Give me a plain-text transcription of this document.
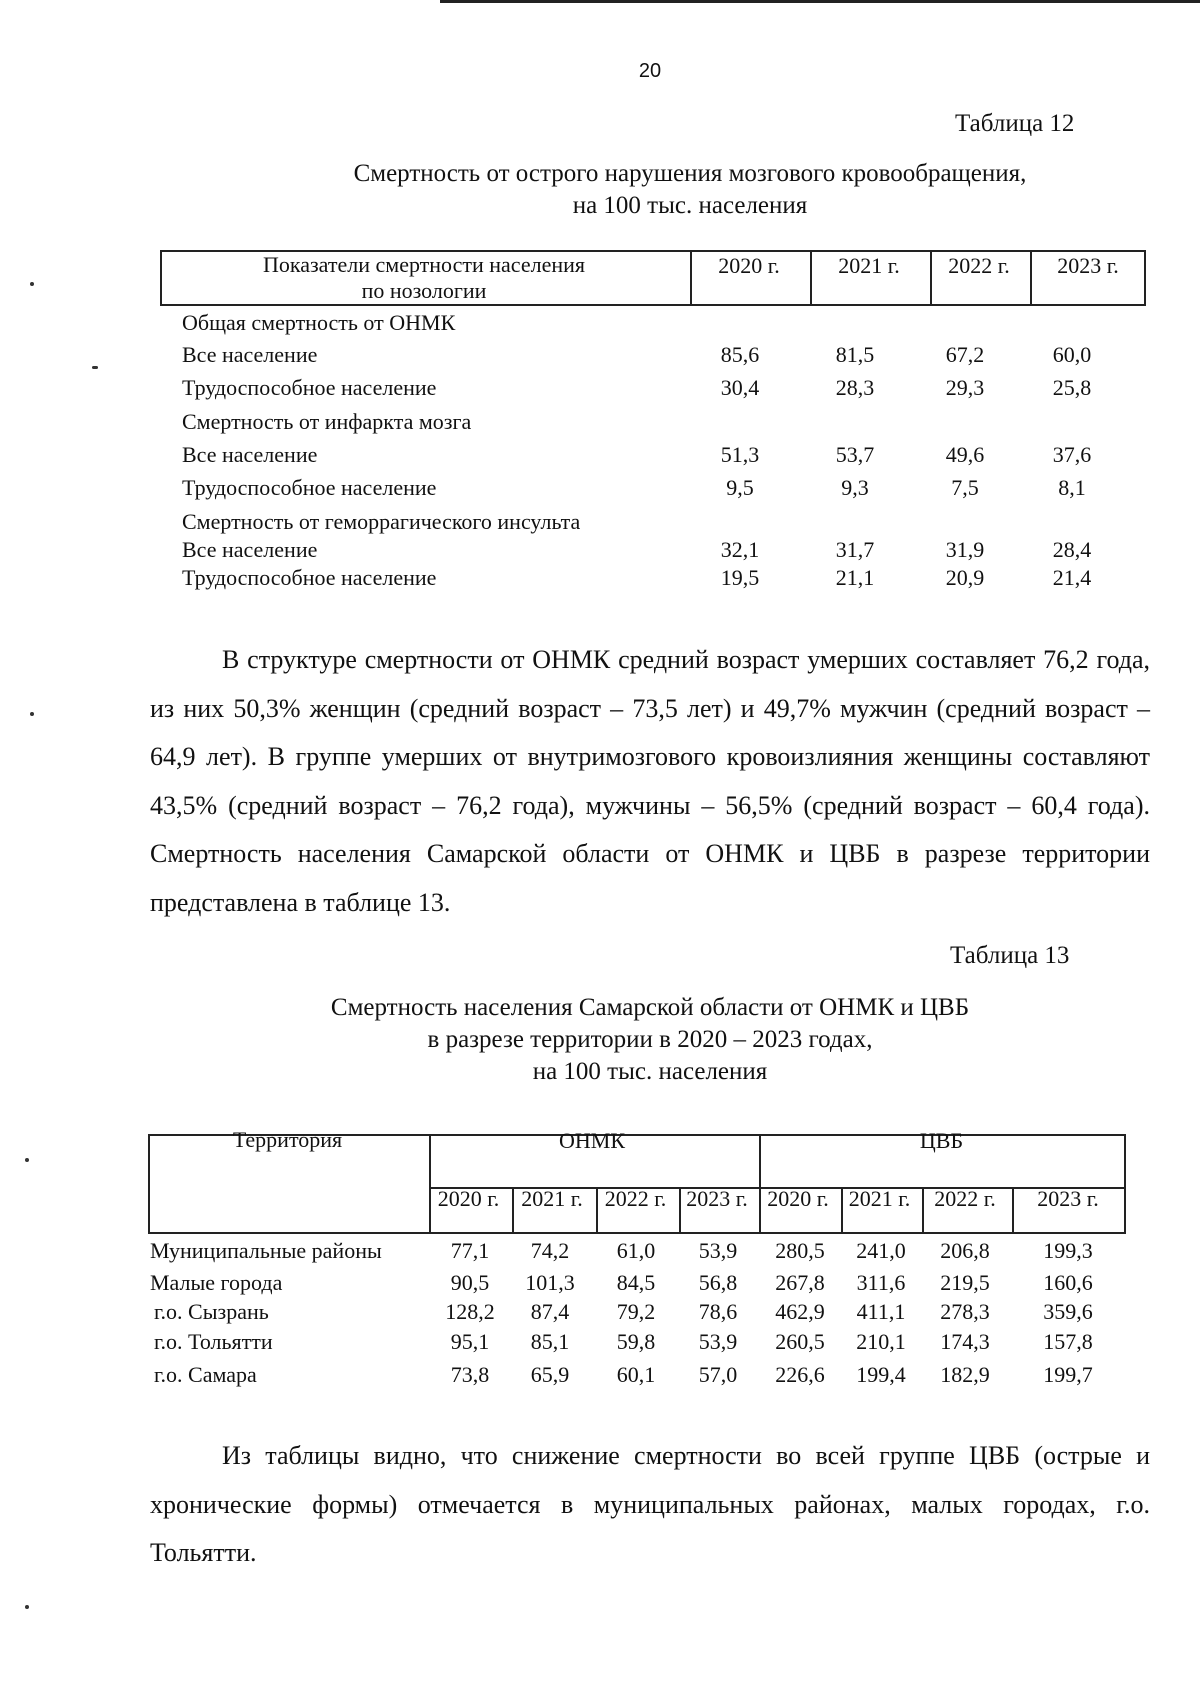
20
Таблица 12
Смертность от острого нарушения мозгового кровообращения,
на 100 тыс. населения
Показатели смертности населения
по нозологии
2020 г.	2021 г.	2022 г.	2023 г.
Общая смертность от ОНМК
Все население	85,6	81,5	67,2	60,0
Трудоспособное население	30,4	28,3	29,3	25,8
Смертность от инфаркта мозга
Все население	51,3	53,7	49,6	37,6
Трудоспособное население	9,5	9,3	7,5	8,1
Смертность от геморрагического инсульта
Все население	32,1	31,7	31,9	28,4
Трудоспособное население	19,5	21,1	20,9	21,4
В структуре смертности от ОНМК средний возраст умерших составляет 76,2 года, из них 50,3% женщин (средний возраст – 73,5 лет) и 49,7% мужчин (средний возраст – 64,9 лет). В группе умерших от внутримозгового кровоизлияния женщины составляют 43,5% (средний возраст – 76,2 года), мужчины – 56,5% (средний возраст – 60,4 года). Смертность населения Самарской области от ОНМК и ЦВБ в разрезе территории представлена в таблице 13.
Таблица 13
Смертность населения Самарской области от ОНМК и ЦВБ
в разрезе территории в 2020 – 2023 годах,
на 100 тыс. населения
Территория	ОНМК	ЦВБ
2020 г. 2021 г. 2022 г. 2023 г. 2020 г. 2021 г.	2022 г.	2023 г.
Муниципальные районы	77,1	74,2	61,0	53,9	280,5	241,0	206,8	199,3
Малые города	90,5	101,3	84,5	56,8	267,8	311,6	219,5	160,6
г.о. Сызрань	128,2	87,4	79,2	78,6	462,9	411,1	278,3	359,6
г.о. Тольятти	95,1	85,1	59,8	53,9	260,5	210,1	174,3	157,8
г.о. Самара	73,8	65,9	60,1	57,0	226,6	199,4	182,9	199,7
Из таблицы видно, что снижение смертности во всей группе ЦВБ (острые и хронические формы) отмечается в муниципальных районах, малых городах, г.о. Тольятти.
